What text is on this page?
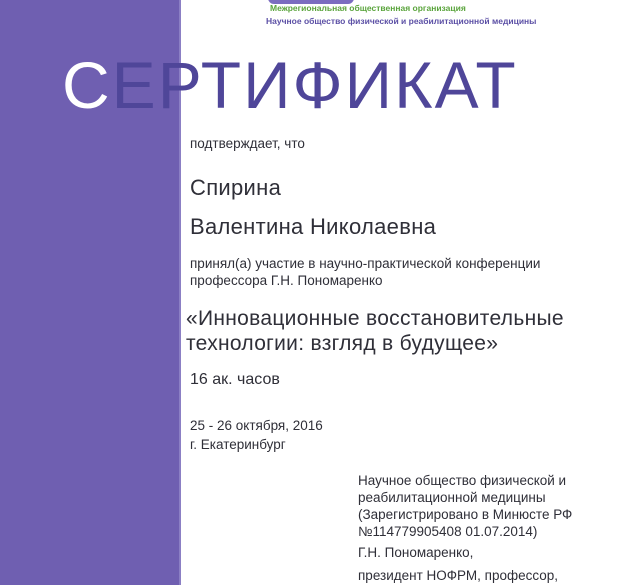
Межрегиональная общественная организация
Научное общество физической и реабилитационной медицины
СЕРТИФИКАТ
подтверждает, что
Спирина
Валентина Николаевна
принял(а) участие в научно-практической конференции
профессора Г.Н. Пономаренко
«Инновационные восстановительные
технологии: взгляд в будущее»
16 ак. часов
25 - 26 октября, 2016
г. Екатеринбург
Научное общество физической и
реабилитационной медицины
(Зарегистрировано в Минюсте РФ
№114779905408 01.07.2014)
Г.Н. Пономаренко,
президент НОФРМ, профессор,
